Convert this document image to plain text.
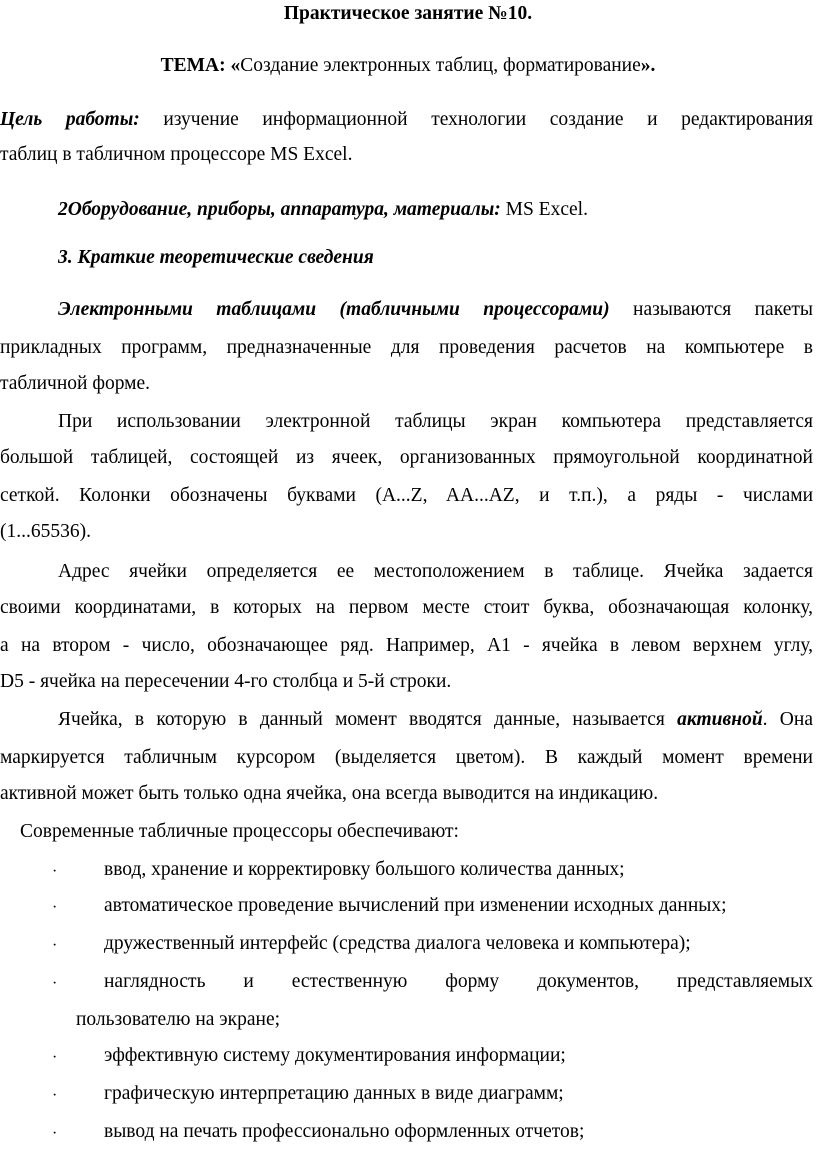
Практическое занятие №10.
ТЕМА: «Создание электронных таблиц, форматирование».
Цель работы: изучение информационной технологии создание и редактирования
таблиц в табличном процессоре MS Excel.
2Оборудование, приборы, аппаратура, материалы: MS Excel.
3. Краткие теоретические сведения
Электронными таблицами (табличными процессорами) называются пакеты
прикладных программ, предназначенные для проведения расчетов на компьютере в
табличной форме.
При использовании электронной таблицы экран компьютера представляется
большой таблицей, состоящей из ячеек, организованных прямоугольной координатной
сеткой. Колонки обозначены буквами (A...Z, AA...AZ, и т.п.), а ряды - числами
(1...65536).
Адрес ячейки определяется ее местоположением в таблице. Ячейка задается
своими координатами, в которых на первом месте стоит буква, обозначающая колонку,
а на втором - число, обозначающее ряд. Например, А1 - ячейка в левом верхнем углу,
D5 - ячейка на пересечении 4-го столбца и 5-й строки.
Ячейка, в которую в данный момент вводятся данные, называется активной. Она
маркируется табличным курсором (выделяется цветом). В каждый момент времени
активной может быть только одна ячейка, она всегда выводится на индикацию.
Современные табличные процессоры обеспечивают:
· ввод, хранение и корректировку большого количества данных;
· автоматическое проведение вычислений при изменении исходных данных;
· дружественный интерфейс (средства диалога человека и компьютера);
· наглядность и естественную форму документов, представляемых
пользователю на экране;
· эффективную систему документирования информации;
· графическую интерпретацию данных в виде диаграмм;
· вывод на печать профессионально оформленных отчетов;
